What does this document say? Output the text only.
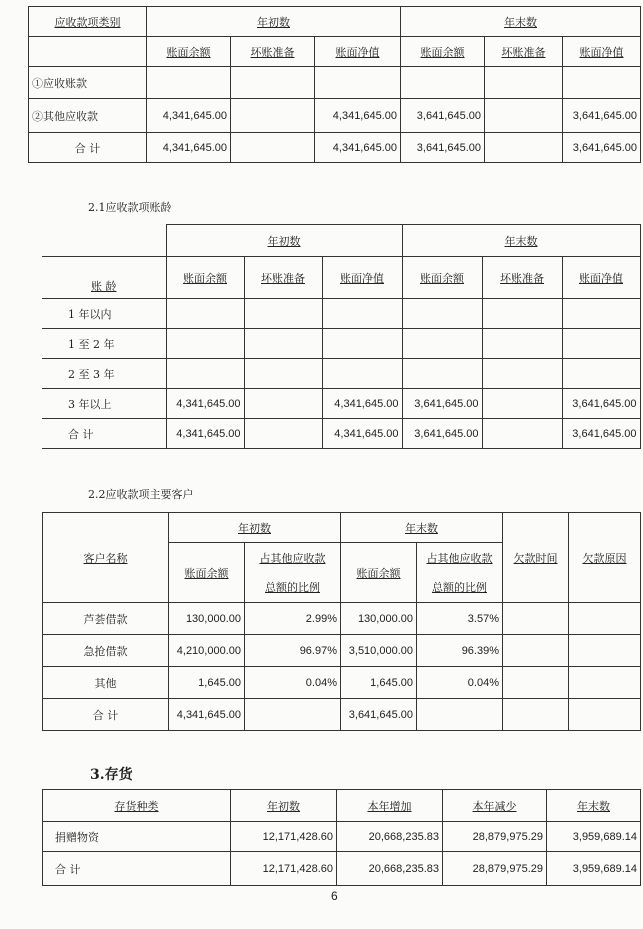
应收款项类别	年初数			年末数		
	账面余额	坏账准备	账面净值	账面余额	坏账准备	账面净值
①应收账款						
②其他应收款	4,341,645.00		4,341,645.00	3,641,645.00		3,641,645.00
合 计	4,341,645.00		4,341,645.00	3,641,645.00		3,641,645.00
2.1应收款项账龄
	年初数			年末数		
账 龄	账面余额	坏账准备	账面净值	账面余额	坏账准备	账面净值
1 年以内						
1 至 2 年						
2 至 3 年						
3 年以上	4,341,645.00		4,341,645.00	3,641,645.00		3,641,645.00
合 计	4,341,645.00		4,341,645.00	3,641,645.00		3,641,645.00
2.2应收款项主要客户
客户名称	年初数		年末数		欠款时间	欠款原因
	账面余额	占其他应收款	账面余额	占其他应收款		
		总额的比例		总额的比例		
芦荟借款	130,000.00	2.99%	130,000.00	3.57%		
急抢借款	4,210,000.00	96.97%	3,510,000.00	96.39%		
其他	1,645.00	0.04%	1,645.00	0.04%		
合 计	4,341,645.00		3,641,645.00			
3.存货
存货种类	年初数	本年增加	本年减少	年末数
捐赠物资	12,171,428.60	20,668,235.83	28,879,975.29	3,959,689.14
合 计	12,171,428.60	20,668,235.83	28,879,975.29	3,959,689.14
6
